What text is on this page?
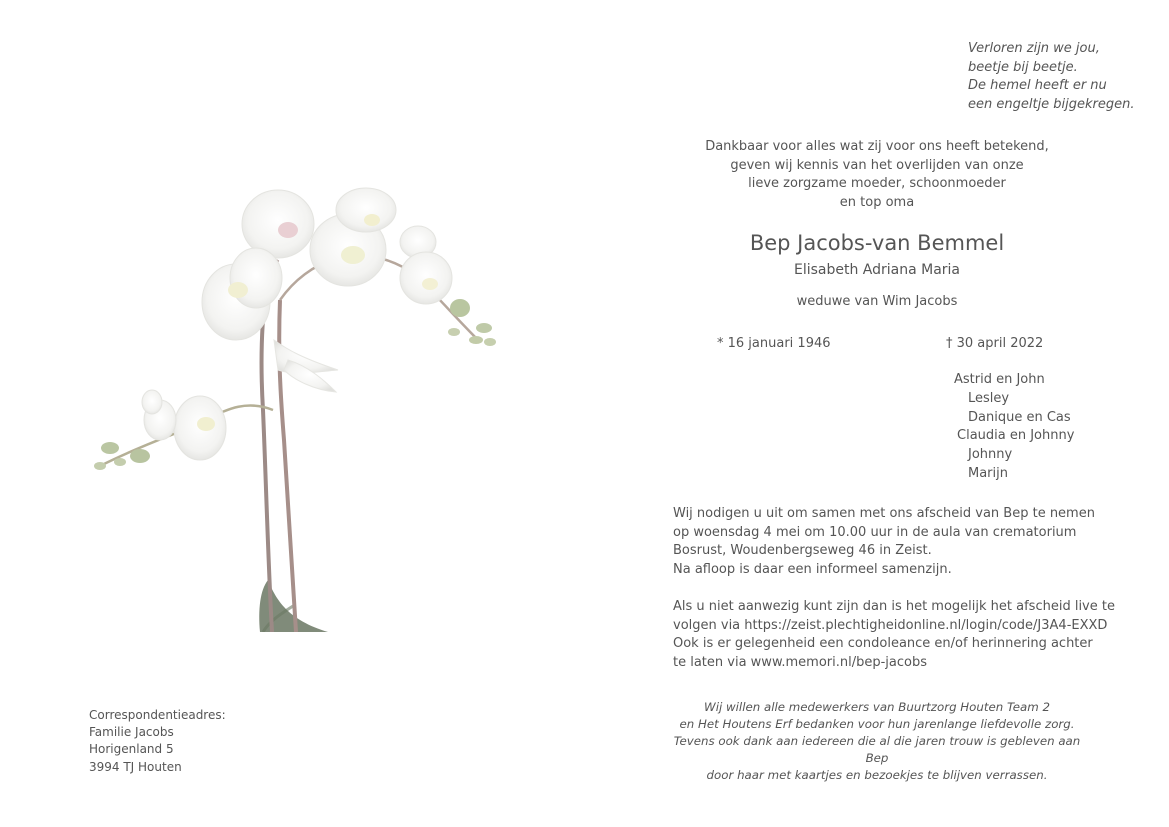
Verloren zijn we jou,
beetje bij beetje.
De hemel heeft er nu
een engeltje bijgekregen.
Dankbaar voor alles wat zij voor ons heeft betekend,
geven wij kennis van het overlijden van onze
lieve zorgzame moeder, schoonmoeder
en top oma
Bep Jacobs-van Bemmel
Elisabeth Adriana Maria
weduwe van Wim Jacobs
* 16 januari 1946	† 30 april 2022
Astrid en John
Lesley
Danique en Cas
Claudia en Johnny
Johnny
Marijn
Wij nodigen u uit om samen met ons afscheid van Bep te nemen
op woensdag 4 mei om 10.00 uur in de aula van crematorium
Bosrust, Woudenbergseweg 46 in Zeist.
Na afloop is daar een informeel samenzijn.
Als u niet aanwezig kunt zijn dan is het mogelijk het afscheid live te
volgen via https://zeist.plechtigheidonline.nl/login/code/J3A4-EXXD
Ook is er gelegenheid een condoleance en/of herinnering achter
te laten via www.memori.nl/bep-jacobs
Wij willen alle medewerkers van Buurtzorg Houten Team 2
en Het Houtens Erf bedanken voor hun jarenlange liefdevolle zorg.
Tevens ook dank aan iedereen die al die jaren trouw is gebleven aan Bep
door haar met kaartjes en bezoekjes te blijven verrassen.
Correspondentieadres:
Familie Jacobs
Horigenland 5
3994 TJ Houten
